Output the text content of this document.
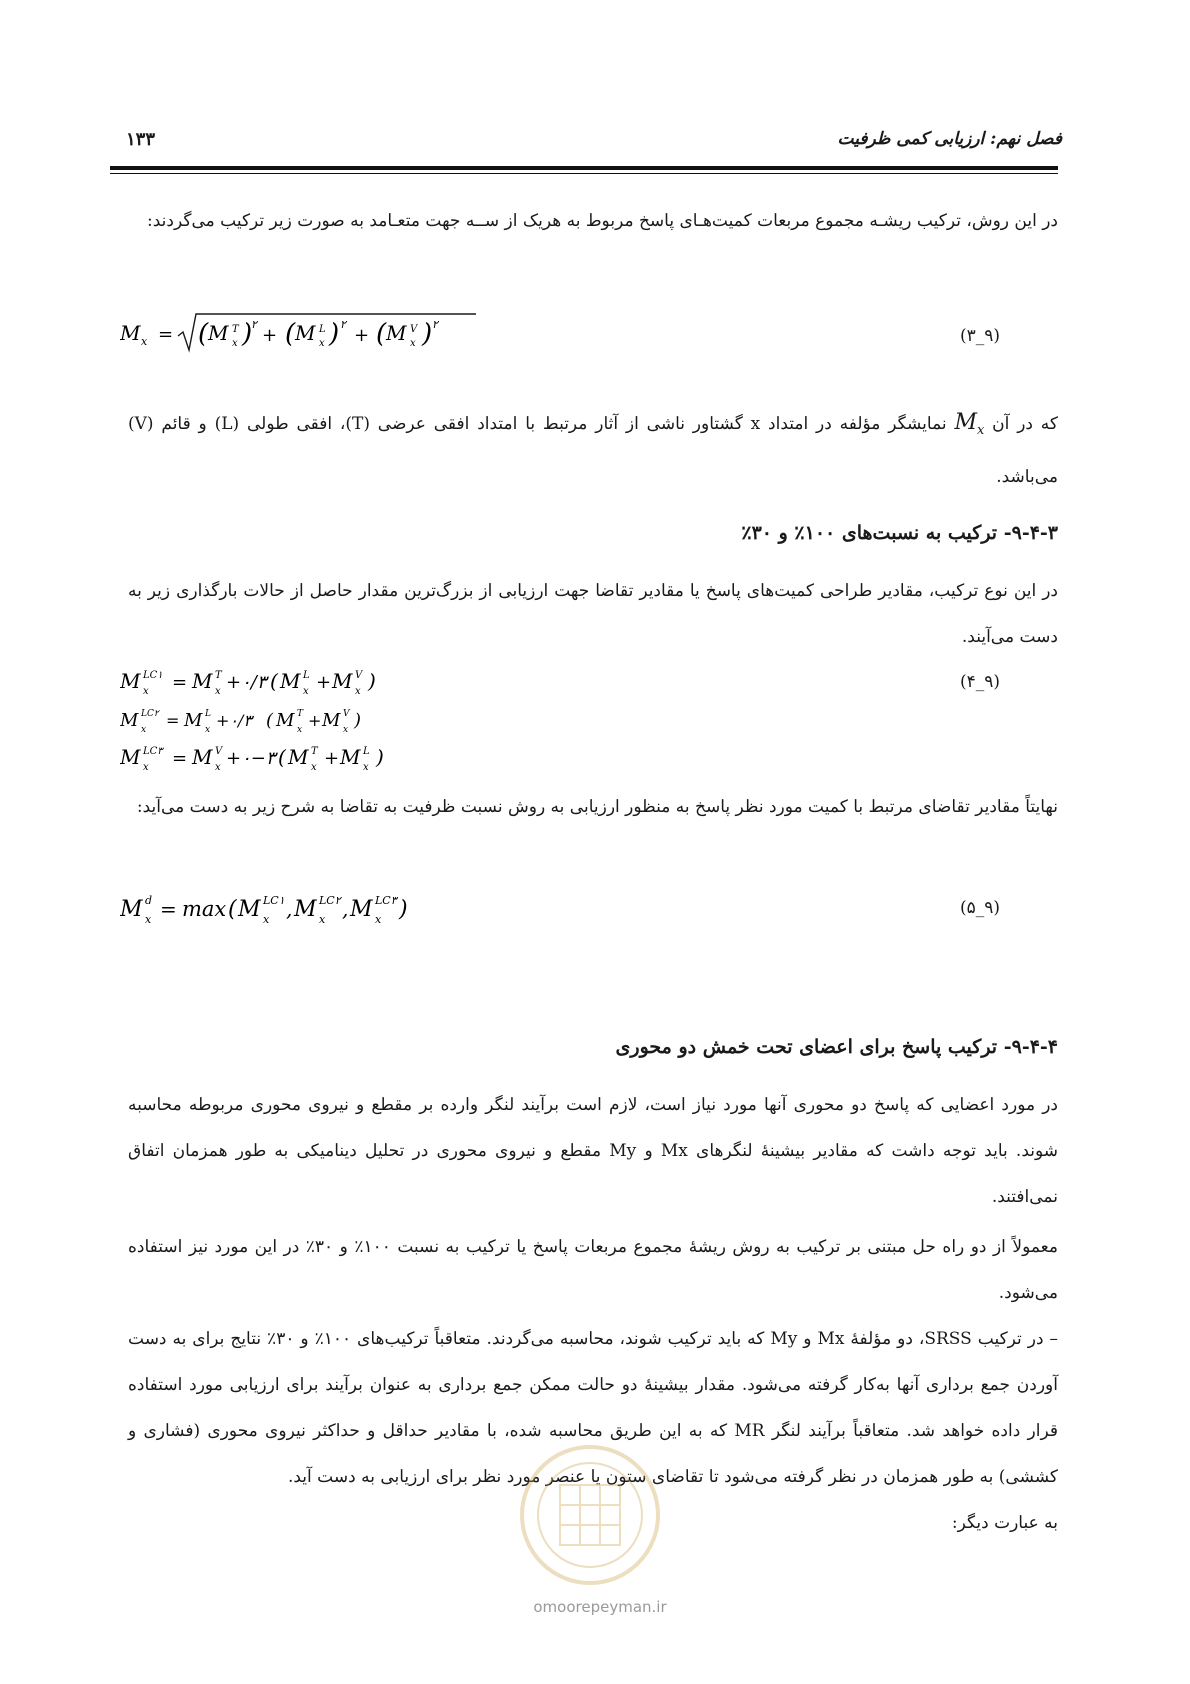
فصل نهم: ارزیابی کمی ظرفیت
۱۳۳
در این روش، ترکیب ریشـه مجموع مربعات کمیت‌هـای پاسخ مربوط به هریک از ســه جهت متعـامد به صورت زیر ترکیب می‌گردند:
M x = ( M T
x )
۲
+ ( M L
x ) ۲
+ ( M V
x ) ۲
(۹_۳)
که در آن $M_x$ نمایشگر مؤلفه در امتداد x گشتاور ناشی از آثار مرتبط با امتداد افقی عرضی (T)، افقی طولی (L) و قائم (V) می‌باشد.
۹-۴-۳- ترکیب به نسبت‌های ۱۰۰٪ و ۳۰٪
در این نوع ترکیب، مقادیر طراحی کمیت‌های پاسخ یا مقادیر تقاضا جهت ارزیابی از بزرگ‌ترین مقدار حاصل از حالات بارگذاری زیر به دست می‌آیند.
M LC۱
x = M T
x +۰/۳ ( M L
x + M V
x )	(۹_۴)
M LC۲
x = M L
x +۰/۳ ( M T
x + M V
x )
M LC۳
x = M V
x +۰−۳ ( M T
x + M L
x )
نهایتاً مقادیر تقاضای مرتبط با کمیت مورد نظر پاسخ به منظور ارزیابی به روش نسبت ظرفیت به تقاضا به شرح زیر به دست می‌آید:
M d
x = max ( M LC۱
x , M LC۲
x , M LC۳
x )	(۹_۵)
۹-۴-۴- ترکیب پاسخ برای اعضای تحت خمش دو محوری
در مورد اعضایی که پاسخ دو محوری آنها مورد نیاز است، لازم است برآیند لنگر وارده بر مقطع و نیروی محوری مربوطه محاسبه شوند. باید توجه داشت که مقادیر بیشینۀ لنگرهای Mx و My مقطع و نیروی محوری در تحلیل دینامیکی به طور همزمان اتفاق نمی‌افتند.
معمولاً از دو راه حل مبتنی بر ترکیب به روش ریشۀ مجموع مربعات پاسخ یا ترکیب به نسبت ۱۰۰٪ و ۳۰٪ در این مورد نیز استفاده می‌شود.
– در ترکیب SRSS، دو مؤلفۀ Mx و My که باید ترکیب شوند، محاسبه می‌گردند. متعاقباً ترکیب‌های ۱۰۰٪ و ۳۰٪ نتایج برای به دست آوردن جمع برداری آنها به‌کار گرفته می‌شود. مقدار بیشینۀ دو حالت ممکن جمع برداری به عنوان برآیند برای ارزیابی مورد استفاده قرار داده خواهد شد. متعاقباً برآیند لنگر MR که به این طریق محاسبه شده، با مقادیر حداقل و حداکثر نیروی محوری (فشاری و کششی) به طور همزمان در نظر گرفته می‌شود تا تقاضای ستون یا عنصر مورد نظر برای ارزیابی به دست آید.
به عبارت دیگر:
omoorepeyman.ir
